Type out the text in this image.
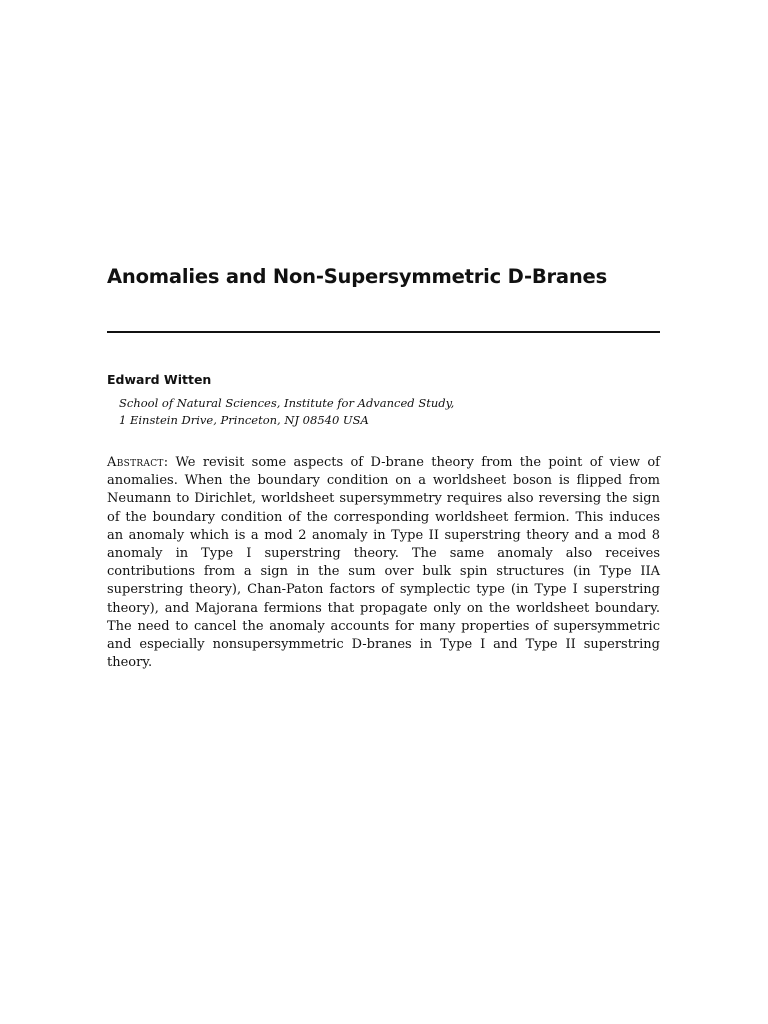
Anomalies and Non-Supersymmetric D-Branes

Edward Witten

School of Natural Sciences, Institute for Advanced Study,
1 Einstein Drive, Princeton, NJ 08540 USA

Abstract: We revisit some aspects of D-brane theory from the point of view of anomalies. When the boundary condition on a worldsheet boson is flipped from Neumann to Dirichlet, worldsheet supersymmetry requires also reversing the sign of the boundary condition of the corresponding worldsheet fermion. This induces an anomaly which is a mod 2 anomaly in Type II superstring theory and a mod 8 anomaly in Type I superstring theory. The same anomaly also receives contributions from a sign in the sum over bulk spin structures (in Type IIA superstring theory), Chan-Paton factors of symplectic type (in Type I superstring theory), and Majorana fermions that propagate only on the worldsheet boundary. The need to cancel the anomaly accounts for many properties of supersymmetric and especially nonsupersymmetric D-branes in Type I and Type II superstring theory.
